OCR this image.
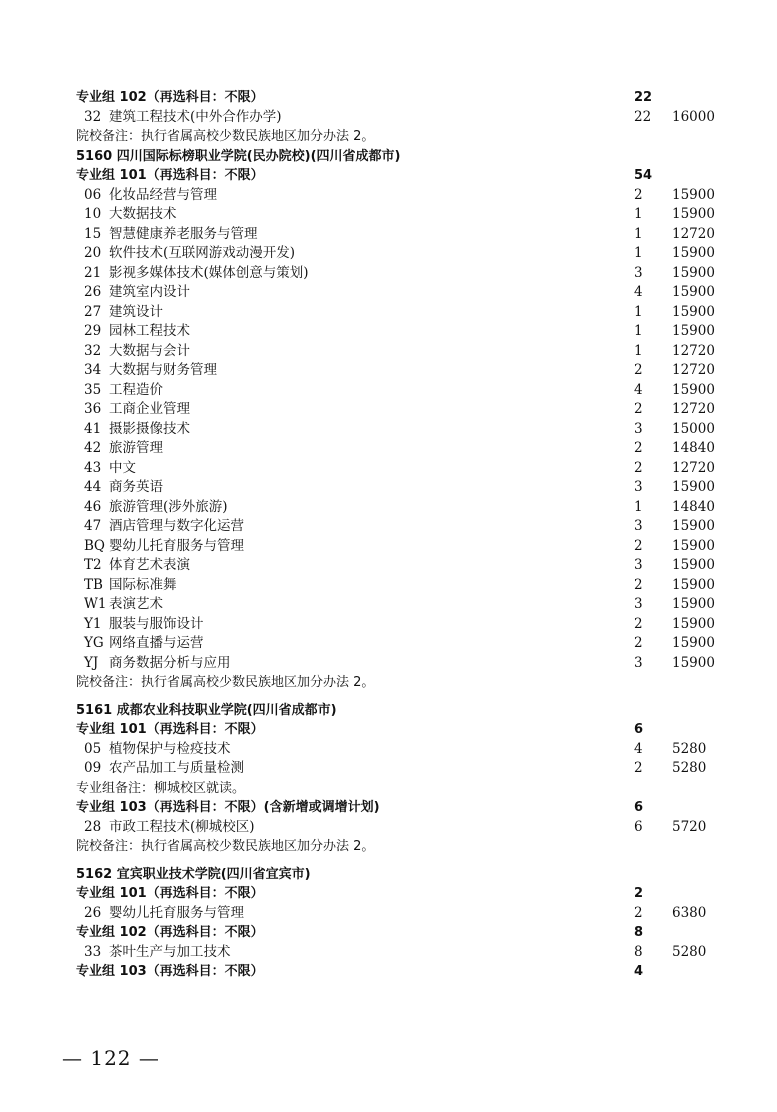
专业组 102（再选科目：不限）	22
32 建筑工程技术(中外合作办学)	22	16000
院校备注：执行省属高校少数民族地区加分办法 2。
5160 四川国际标榜职业学院(民办院校)(四川省成都市)
专业组 101（再选科目：不限）	54
06 化妆品经营与管理	2	15900
10 大数据技术	1	15900
15 智慧健康养老服务与管理	1	12720
20 软件技术(互联网游戏动漫开发)	1	15900
21 影视多媒体技术(媒体创意与策划)	3	15900
26 建筑室内设计	4	15900
27 建筑设计	1	15900
29 园林工程技术	1	15900
32 大数据与会计	1	12720
34 大数据与财务管理	2	12720
35 工程造价	4	15900
36 工商企业管理	2	12720
41 摄影摄像技术	3	15000
42 旅游管理	2	14840
43 中文	2	12720
44 商务英语	3	15900
46 旅游管理(涉外旅游)	1	14840
47 酒店管理与数字化运营	3	15900
BQ 婴幼儿托育服务与管理	2	15900
T2 体育艺术表演	3	15900
TB 国际标准舞	2	15900
W1 表演艺术	3	15900
Y1 服装与服饰设计	2	15900
YG 网络直播与运营	2	15900
YJ 商务数据分析与应用	3	15900
院校备注：执行省属高校少数民族地区加分办法 2。
5161 成都农业科技职业学院(四川省成都市)
专业组 101（再选科目：不限）	6
05 植物保护与检疫技术	4	5280
09 农产品加工与质量检测	2	5280
专业组备注：柳城校区就读。
专业组 103（再选科目：不限）(含新增或调增计划)	6
28 市政工程技术(柳城校区)	6	5720
院校备注：执行省属高校少数民族地区加分办法 2。
5162 宜宾职业技术学院(四川省宜宾市)
专业组 101（再选科目：不限）	2
26 婴幼儿托育服务与管理	2	6380
专业组 102（再选科目：不限）	8
33 茶叶生产与加工技术	8	5280
专业组 103（再选科目：不限）	4
— 122 —
